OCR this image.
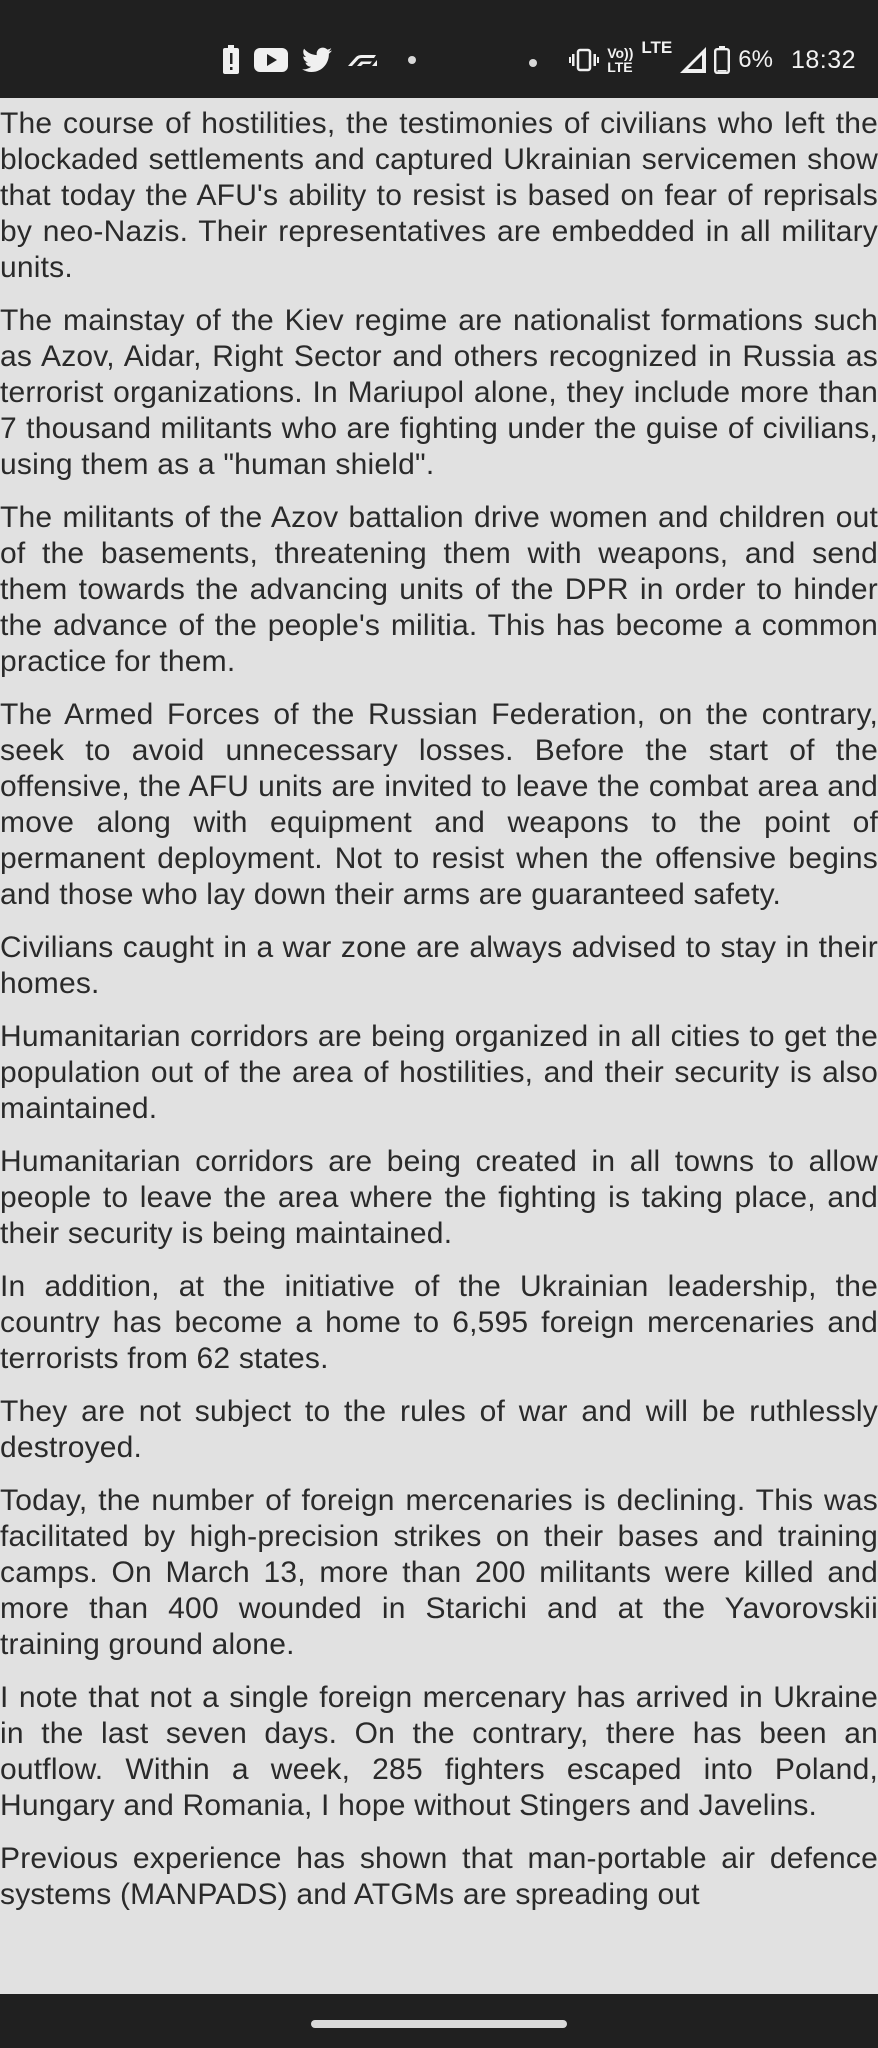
Vo))
LTE
LTE	6% 18:32

The course of hostilities, the testimonies of civilians who left the blockaded settlements and captured Ukrainian servicemen show that today the AFU's ability to resist is based on fear of reprisals by neo-Nazis. Their representatives are embedded in all military units.

The mainstay of the Kiev regime are nationalist formations such as Azov, Aidar, Right Sector and others recognized in Russia as terrorist organizations. In Mariupol alone, they include more than 7 thousand militants who are fighting under the guise of civilians, using them as a "human shield".

The militants of the Azov battalion drive women and children out of the basements, threatening them with weapons, and send them towards the advancing units of the DPR in order to hinder the advance of the people's militia. This has become a common practice for them.

The Armed Forces of the Russian Federation, on the contrary, seek to avoid unnecessary losses. Before the start of the offensive, the AFU units are invited to leave the combat area and move along with equipment and weapons to the point of permanent deployment. Not to resist when the offensive begins and those who lay down their arms are guaranteed safety.

Civilians caught in a war zone are always advised to stay in their homes.

Humanitarian corridors are being organized in all cities to get the population out of the area of hostilities, and their security is also maintained.

Humanitarian corridors are being created in all towns to allow people to leave the area where the fighting is taking place, and their security is being maintained.

In addition, at the initiative of the Ukrainian leadership, the country has become a home to 6,595 foreign mercenaries and terrorists from 62 states.

They are not subject to the rules of war and will be ruthlessly destroyed.

Today, the number of foreign mercenaries is declining. This was facilitated by high-precision strikes on their bases and training camps. On March 13, more than 200 militants were killed and more than 400 wounded in Starichi and at the Yavorovskii training ground alone.

I note that not a single foreign mercenary has arrived in Ukraine in the last seven days. On the contrary, there has been an outflow. Within a week, 285 fighters escaped into Poland, Hungary and Romania, I hope without Stingers and Javelins.

Previous experience has shown that man-portable air defence systems (MANPADS) and ATGMs are spreading out
